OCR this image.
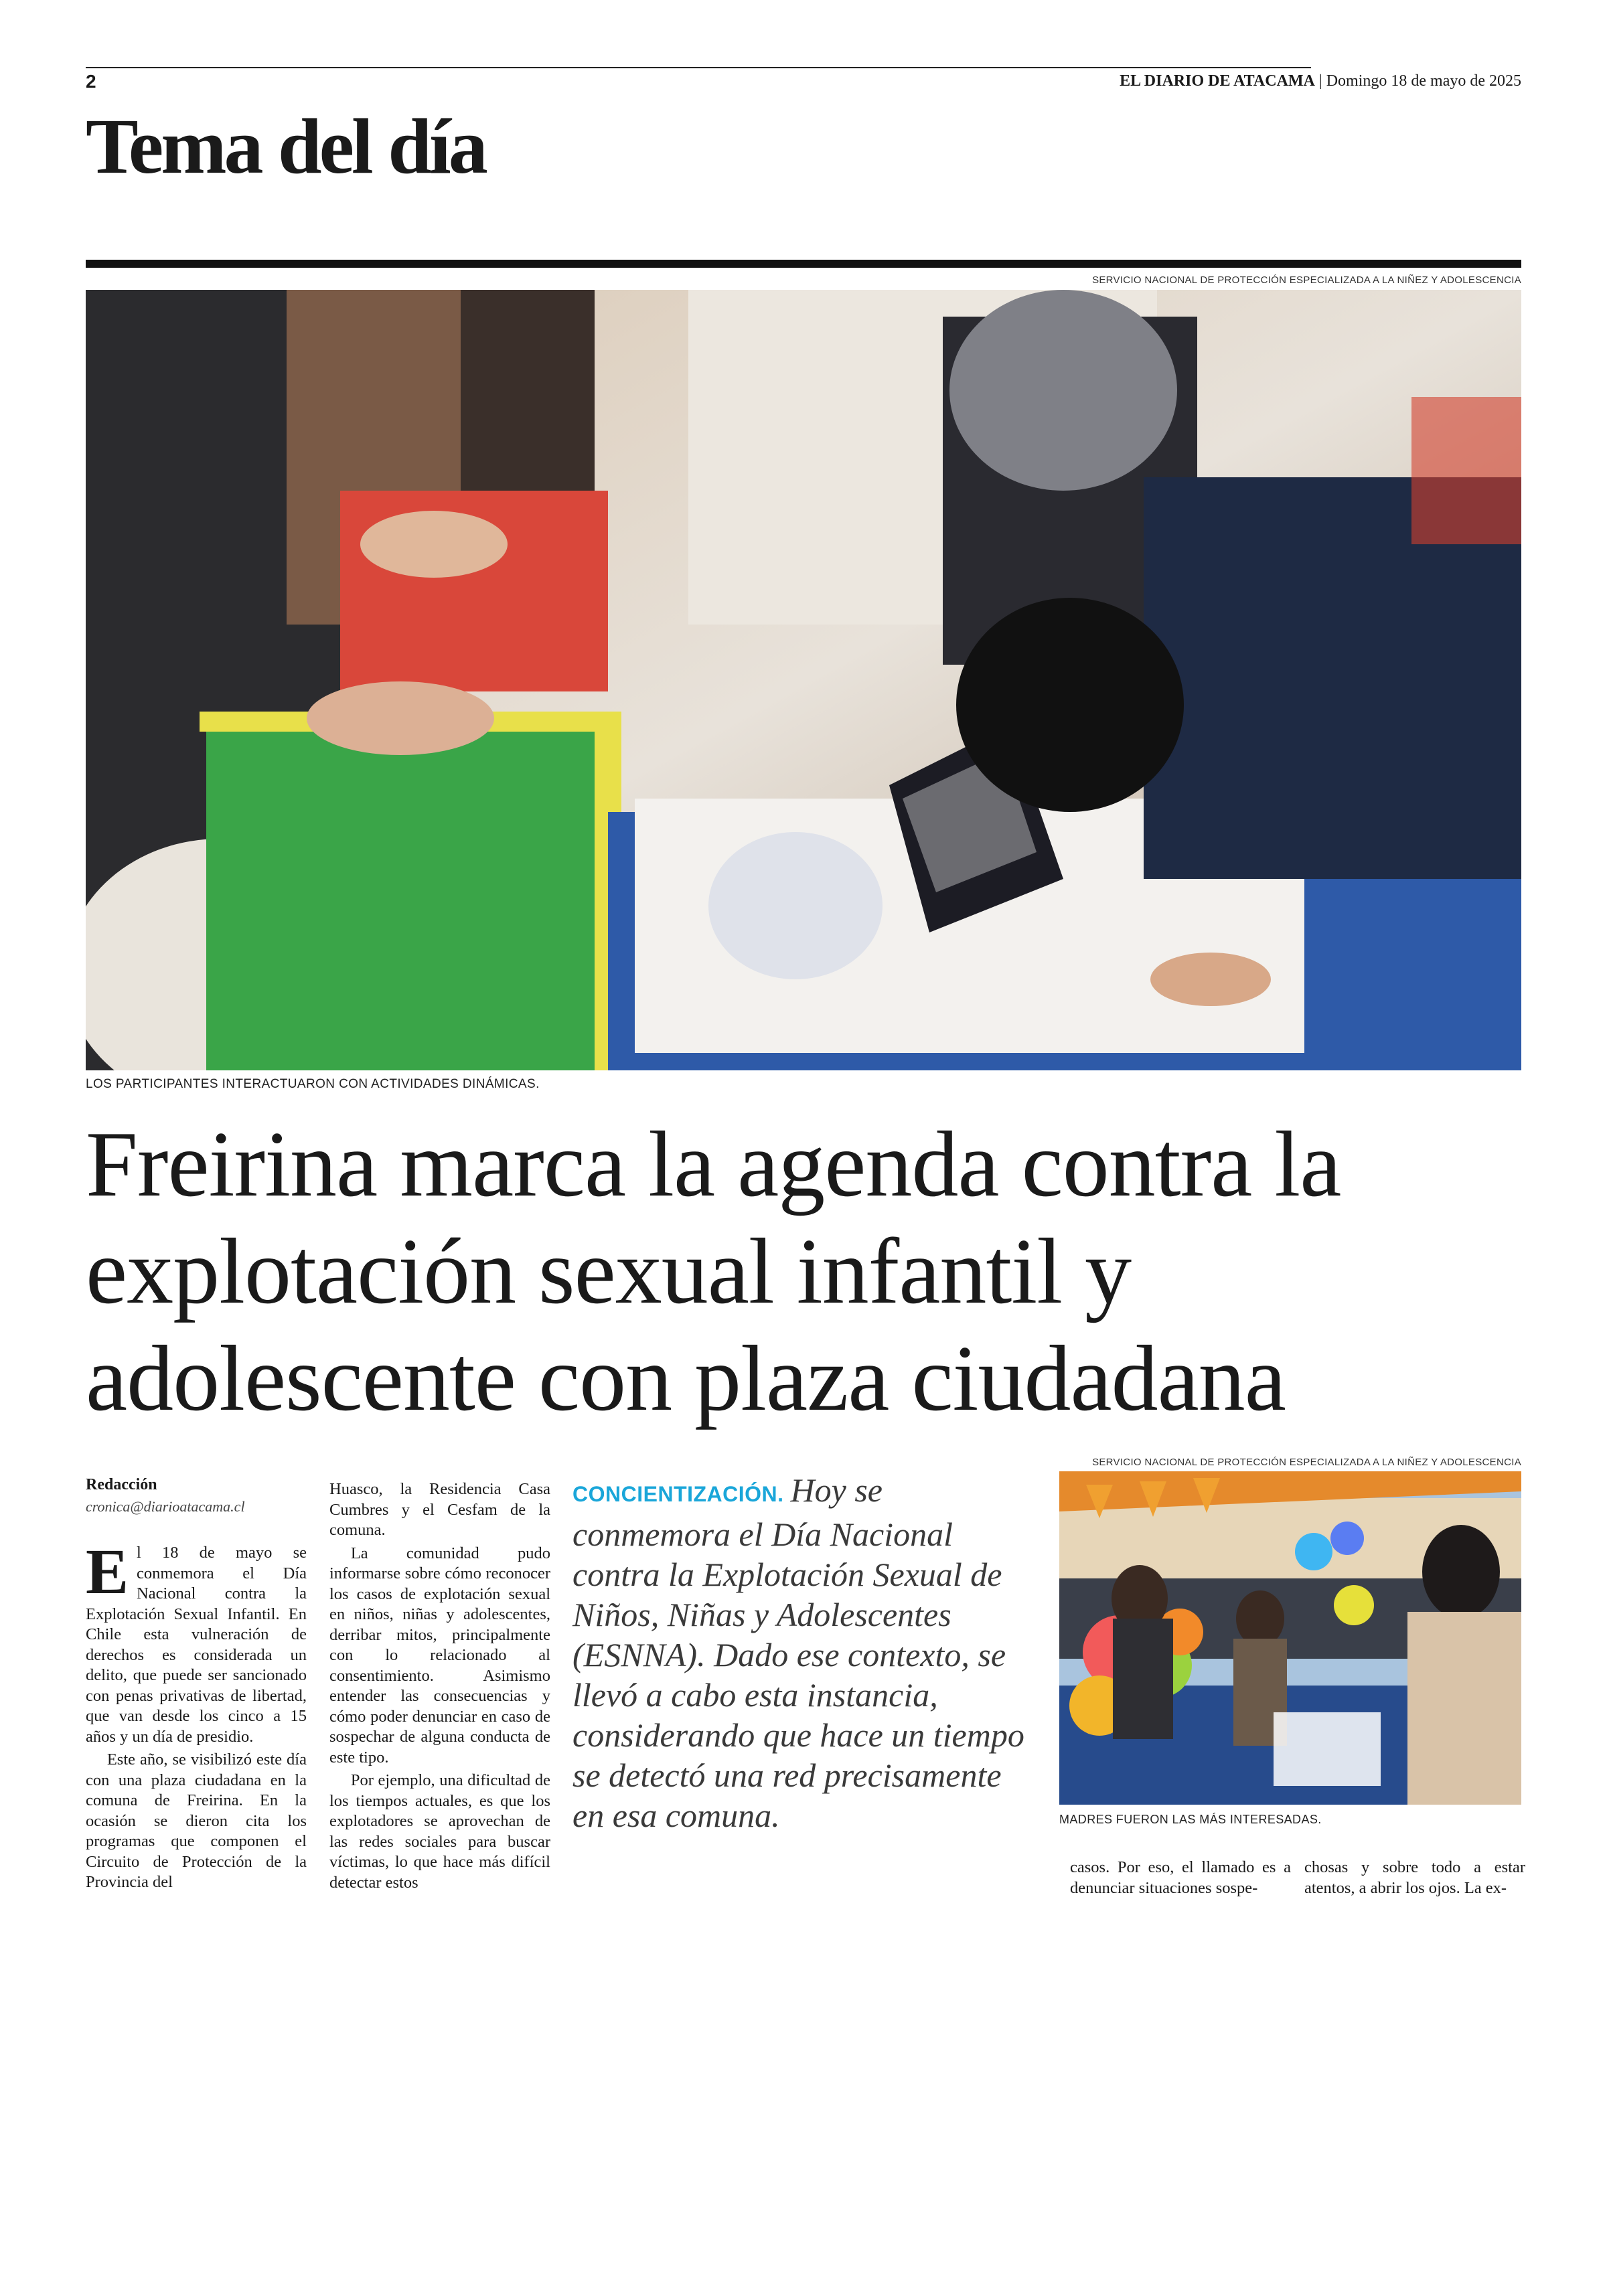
2	EL DIARIO DE ATACAMA | Domingo 18 de mayo de 2025
Tema del día
SERVICIO NACIONAL DE PROTECCIÓN ESPECIALIZADA A LA NIÑEZ Y ADOLESCENCIA
LOS PARTICIPANTES INTERACTUARON CON ACTIVIDADES DINÁMICAS.
Freirina marca la agenda contra la explotación sexual infantil y adolescente con plaza ciudadana
Redacción
cronica@diarioatacama.cl

El 18 de mayo se conmemora el Día Nacional contra la Explotación Sexual Infantil. En Chile esta vulneración de derechos es considerada un delito, que puede ser sancionado con penas privativas de libertad, que van desde los cinco a 15 años y un día de presidio.

Este año, se visibilizó este día con una plaza ciudadana en la comuna de Freirina. En la ocasión se dieron cita los programas que componen el Circuito de Protección de la Provincia del

Huasco, la Residencia Casa Cumbres y el Cesfam de la comuna.

La comunidad pudo informarse sobre cómo reconocer los casos de explotación sexual en niños, niñas y adolescentes, derribar mitos, principalmente con lo relacionado al consentimiento. Asimismo entender las consecuencias y cómo poder denunciar en caso de sospechar de alguna conducta de este tipo.

Por ejemplo, una dificultad de los tiempos actuales, es que los explotadores se aprovechan de las redes sociales para buscar víctimas, lo que hace más difícil detectar estos

CONCIENTIZACIÓN. Hoy se conmemora el Día Nacional contra la Explotación Sexual de Niños, Niñas y Adolescentes (ESNNA). Dado ese contexto, se llevó a cabo esta instancia, considerando que hace un tiempo se detectó una red precisamente en esa comuna.
SERVICIO NACIONAL DE PROTECCIÓN ESPECIALIZADA A LA NIÑEZ Y ADOLESCENCIA
MADRES FUERON LAS MÁS INTERESADAS.

casos. Por eso, el llamado es a denunciar situaciones sospe-

chosas y sobre todo a estar atentos, a abrir los ojos. La ex-
